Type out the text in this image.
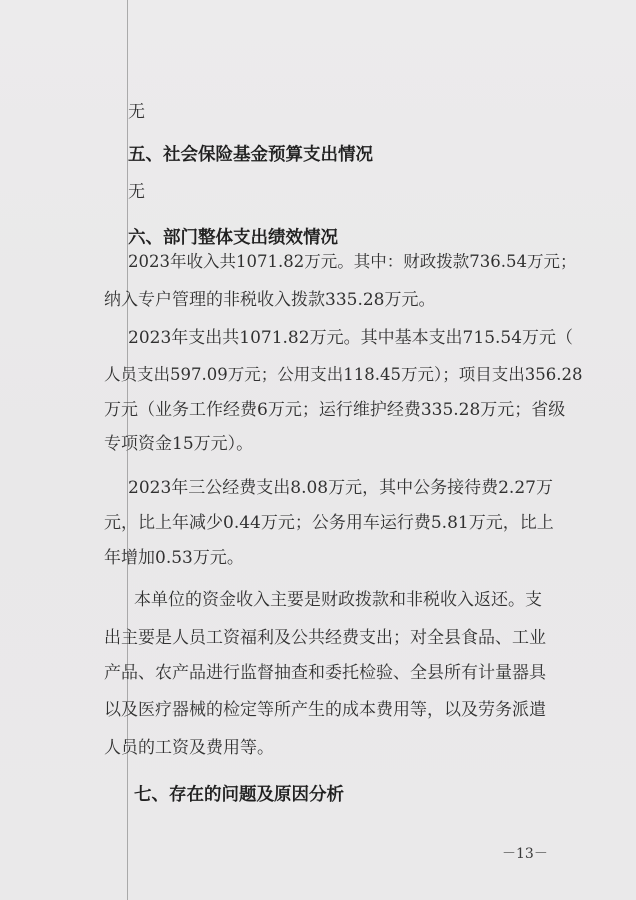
无
五、社会保险基金预算支出情况
无
六、部门整体支出绩效情况
2023年收入共1071.82万元。其中：财政拨款736.54万元；
纳入专户管理的非税收入拨款335.28万元。
2023年支出共1071.82万元。其中基本支出715.54万元（
人员支出597.09万元；公用支出118.45万元）；项目支出356.28
万元（业务工作经费6万元；运行维护经费335.28万元；省级
专项资金15万元）。
2023年三公经费支出8.08万元，其中公务接待费2.27万
元，比上年减少0.44万元；公务用车运行费5.81万元，比上
年增加0.53万元。
本单位的资金收入主要是财政拨款和非税收入返还。支
出主要是人员工资福利及公共经费支出；对全县食品、工业
产品、农产品进行监督抽查和委托检验、全县所有计量器具
以及医疗器械的检定等所产生的成本费用等，以及劳务派遣
人员的工资及费用等。
七、存在的问题及原因分析
－13－
